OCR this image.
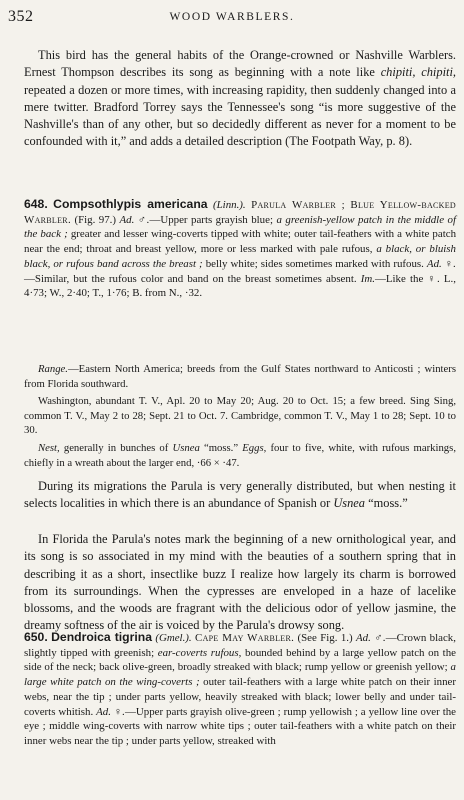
352	WOOD WARBLERS.

This bird has the general habits of the Orange-crowned or Nashville Warblers. Ernest Thompson describes its song as beginning with a note like chipiti, chipiti, repeated a dozen or more times, with increasing rapidity, then suddenly changed into a mere twitter. Bradford Torrey says the Tennessee's song “is more suggestive of the Nashville's than of any other, but so decidedly different as never for a moment to be confounded with it,” and adds a detailed description (The Footpath Way, p. 8).

648. Compsothlypis americana (Linn.). Parula Warbler ; Blue Yellow-backed Warbler. (Fig. 97.) Ad. ♂.—Upper parts grayish blue; a greenish-yellow patch in the middle of the back ; greater and lesser wing-coverts tipped with white; outer tail-feathers with a white patch near the end; throat and breast yellow, more or less marked with pale rufous, a black, or bluish black, or rufous band across the breast ; belly white; sides sometimes marked with rufous. Ad. ♀.—Similar, but the rufous color and band on the breast sometimes absent. Im.—Like the ♀. L., 4·73; W., 2·40; T., 1·76; B. from N., ·32.

Range.—Eastern North America; breeds from the Gulf States northward to Anticosti ; winters from Florida southward.

Washington, abundant T. V., Apl. 20 to May 20; Aug. 20 to Oct. 15; a few breed. Sing Sing, common T. V., May 2 to 28; Sept. 21 to Oct. 7. Cambridge, common T. V., May 1 to 28; Sept. 10 to 30.

Nest, generally in bunches of Usnea “moss.” Eggs, four to five, white, with rufous markings, chiefly in a wreath about the larger end, ·66 × ·47.

During its migrations the Parula is very generally distributed, but when nesting it selects localities in which there is an abundance of Spanish or Usnea “moss.”

In Florida the Parula's notes mark the beginning of a new ornithological year, and its song is so associated in my mind with the beauties of a southern spring that in describing it as a short, insectlike buzz I realize how largely its charm is borrowed from its surroundings. When the cypresses are enveloped in a haze of lacelike blossoms, and the woods are fragrant with the delicious odor of yellow jasmine, the dreamy softness of the air is voiced by the Parula's drowsy song.

650. Dendroica tigrina (Gmel.). Cape May Warbler. (See Fig. 1.) Ad. ♂.—Crown black, slightly tipped with greenish; ear-coverts rufous, bounded behind by a large yellow patch on the side of the neck; back olive-green, broadly streaked with black; rump yellow or greenish yellow; a large white patch on the wing-coverts ; outer tail-feathers with a large white patch on their inner webs, near the tip ; under parts yellow, heavily streaked with black; lower belly and under tail-coverts whitish. Ad. ♀.—Upper parts grayish olive-green ; rump yellowish ; a yellow line over the eye ; middle wing-coverts with narrow white tips ; outer tail-feathers with a white patch on their inner webs near the tip ; under parts yellow, streaked with
